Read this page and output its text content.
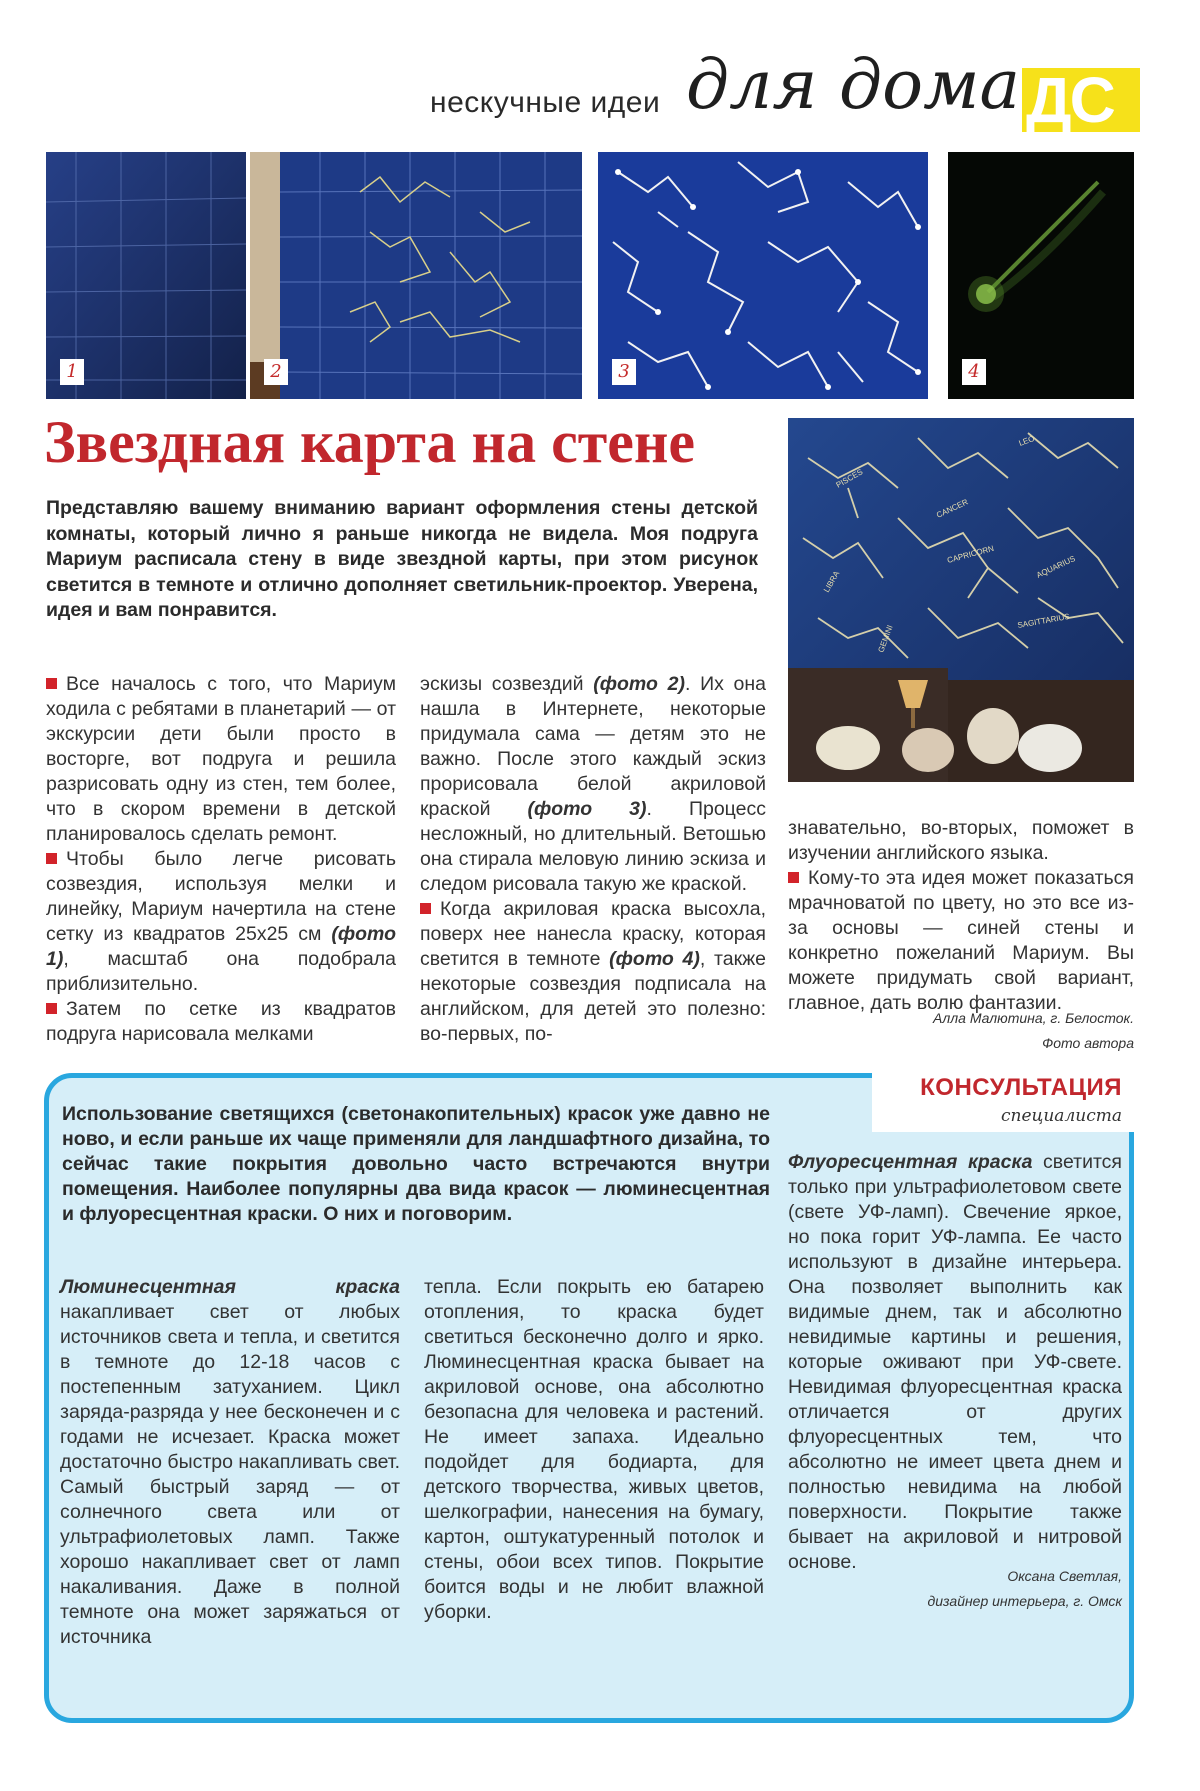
нескучные идеи для дома ДС
1	2	3	4
Звездная карта на стене
Представляю вашему вниманию вариант оформления стены детской комнаты, который лично я раньше никогда не видела. Моя подруга Мариум расписала стену в виде звездной карты, при этом рисунок светится в темноте и отлично дополняет светильник-проектор. Уверена, идея и вам понравится.
LEO
CANCER
CAPRICORN	AQUARIUS
SAGITTARIUS
GEMINI
LIBRA
PISCES

Все началось с того, что Мариум ходила с ребятами в планетарий — от экскурсии дети были просто в восторге, вот подруга и решила разрисовать одну из стен, тем более, что в скором времени в детской планировалось сделать ремонт.

Чтобы было легче рисовать созвездия, используя мелки и линейку, Мариум начертила на стене сетку из квадратов 25х25 см (фото 1), масштаб она подобрала приблизительно.

Затем по сетке из квадратов подруга нарисовала мелками

эскизы созвездий (фото 2). Их она нашла в Интернете, некоторые придумала сама — детям это не важно. После этого каждый эскиз прорисовала белой акриловой краской (фото 3). Процесс несложный, но длительный. Ветошью она стирала меловую линию эскиза и следом рисовала такую же краской.

Когда акриловая краска высохла, поверх нее нанесла краску, которая светится в темноте (фото 4), также некоторые созвездия подписала на английском, для детей это полезно: во-первых, по-

знавательно, во-вторых, поможет в изучении английского языка.

Кому-то эта идея может показаться мрачноватой по цвету, но это все из-за основы — синей стены и конкретно пожеланий Мариум. Вы можете придумать свой вариант, главное, дать волю фантазии.

Алла Малютина, г. Белосток.
Фото автора
КОНСУЛЬТАЦИЯ
специалиста
Использование светящихся (светонакопительных) красок уже давно не ново, и если раньше их чаще применяли для ландшафтного дизайна, то сейчас такие покрытия довольно часто встречаются внутри помещения. Наиболее популярны два вида красок — люминесцентная и флуоресцентная краски. О них и поговорим.

Люминесцентная краска накапливает свет от любых источников света и тепла, и светится в темноте до 12-18 часов с постепенным затуханием. Цикл заряда-разряда у нее бесконечен и с годами не исчезает. Краска может достаточно быстро накапливать свет. Самый быстрый заряд — от солнечного света или от ультрафиолетовых ламп. Также хорошо накапливает свет от ламп накаливания. Даже в полной темноте она может заряжаться от источника

тепла. Если покрыть ею батарею отопления, то краска будет светиться бесконечно долго и ярко. Люминесцентная краска бывает на акриловой основе, она абсолютно безопасна для человека и растений. Не имеет запаха. Идеально подойдет для бодиарта, для детского творчества, живых цветов, шелкографии, нанесения на бумагу, картон, оштукатуренный потолок и стены, обои всех типов. Покрытие боится воды и не любит влажной уборки.

Флуоресцентная краска светится только при ультрафиолетовом свете (свете УФ-ламп). Свечение яркое, но пока горит УФ-лампа. Ее часто используют в дизайне интерьера. Она позволяет выполнить как видимые днем, так и абсолютно невидимые картины и решения, которые оживают при УФ-свете. Невидимая флуоресцентная краска отличается от других флуоресцентных тем, что абсолютно не имеет цвета днем и полностью невидима на любой поверхности. Покрытие также бывает на акриловой и нитровой основе.

Оксана Светлая,
дизайнер интерьера, г. Омск
